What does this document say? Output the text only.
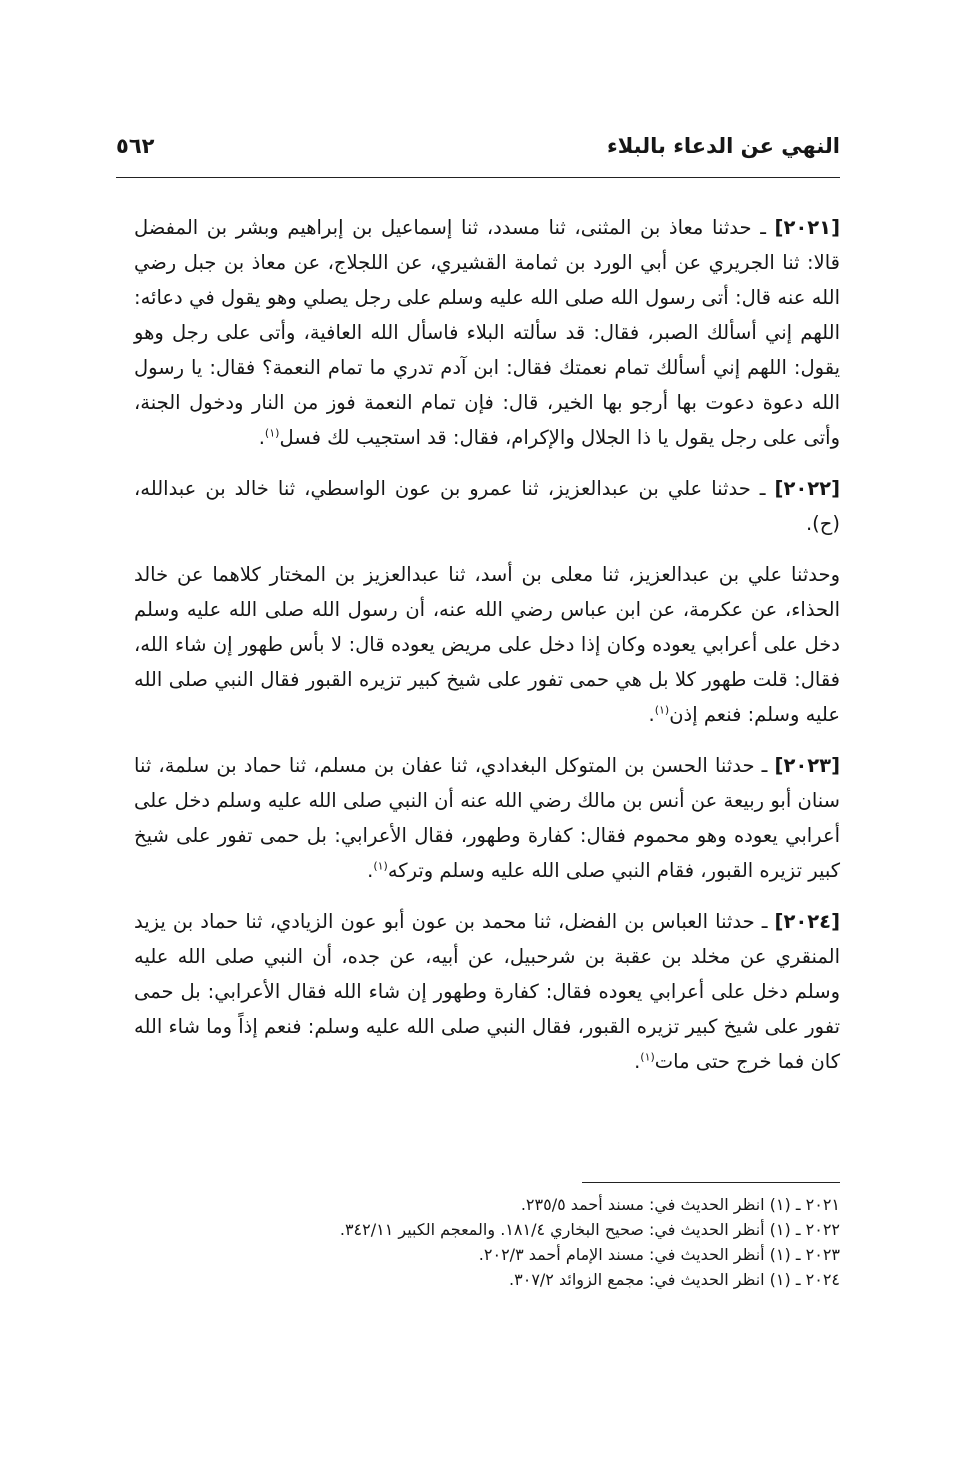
النهي عن الدعاء بالبلاء
٥٦٢

[٢٠٢١] ـ حدثنا معاذ بن المثنى، ثنا مسدد، ثنا إسماعيل بن إبراهيم وبشر بن المفضل قالا: ثنا الجريري عن أبي الورد بن ثمامة القشيري، عن اللجلاج، عن معاذ بن جبل رضي الله عنه قال: أتى رسول الله صلى الله عليه وسلم على رجل يصلي وهو يقول في دعائه: اللهم إني أسألك الصبر، فقال: قد سألته البلاء فاسأل الله العافية، وأتى على رجل وهو يقول: اللهم إني أسألك تمام نعمتك فقال: ابن آدم تدري ما تمام النعمة؟ فقال: يا رسول الله دعوة دعوت بها أرجو بها الخير، قال: فإن تمام النعمة فوز من النار ودخول الجنة، وأتى على رجل يقول يا ذا الجلال والإكرام، فقال: قد استجيب لك فسل$^{(١)}$.

[٢٠٢٢] ـ حدثنا علي بن عبدالعزيز، ثنا عمرو بن عون الواسطي، ثنا خالد بن عبدالله، (ح).

وحدثنا علي بن عبدالعزيز، ثنا معلى بن أسد، ثنا عبدالعزيز بن المختار كلاهما عن خالد الحذاء، عن عكرمة، عن ابن عباس رضي الله عنه، أن رسول الله صلى الله عليه وسلم دخل على أعرابي يعوده وكان إذا دخل على مريض يعوده قال: لا بأس طهور إن شاء الله، فقال: قلت طهور كلا بل هي حمى تفور على شيخ كبير تزيره القبور فقال النبي صلى الله عليه وسلم: فنعم إذن$^{(١)}$.

[٢٠٢٣] ـ حدثنا الحسن بن المتوكل البغدادي، ثنا عفان بن مسلم، ثنا حماد بن سلمة، ثنا سنان أبو ربيعة عن أنس بن مالك رضي الله عنه أن النبي صلى الله عليه وسلم دخل على أعرابي يعوده وهو محموم فقال: كفارة وطهور، فقال الأعرابي: بل حمى تفور على شيخ كبير تزيره القبور، فقام النبي صلى الله عليه وسلم وتركه$^{(١)}$.

[٢٠٢٤] ـ حدثنا العباس بن الفضل، ثنا محمد بن عون أبو عون الزيادي، ثنا حماد بن يزيد المنقري عن مخلد بن عقبة بن شرحبيل، عن أبيه، عن جده، أن النبي صلى الله عليه وسلم دخل على أعرابي يعوده فقال: كفارة وطهور إن شاء الله فقال الأعرابي: بل حمى تفور على شيخ كبير تزيره القبور، فقال النبي صلى الله عليه وسلم: فنعم إذاً وما شاء الله كان فما خرج حتى مات$^{(١)}$.

٢٠٢١ ـ (١) انظر الحديث في: مسند أحمد ٢٣٥/٥.
٢٠٢٢ ـ (١) أنظر الحديث في: صحيح البخاري ١٨١/٤. والمعجم الكبير ٣٤٢/١١.
٢٠٢٣ ـ (١) أنظر الحديث في: مسند الإمام أحمد ٢٠٢/٣.
٢٠٢٤ ـ (١) انظر الحديث في: مجمع الزوائد ٣٠٧/٢.
